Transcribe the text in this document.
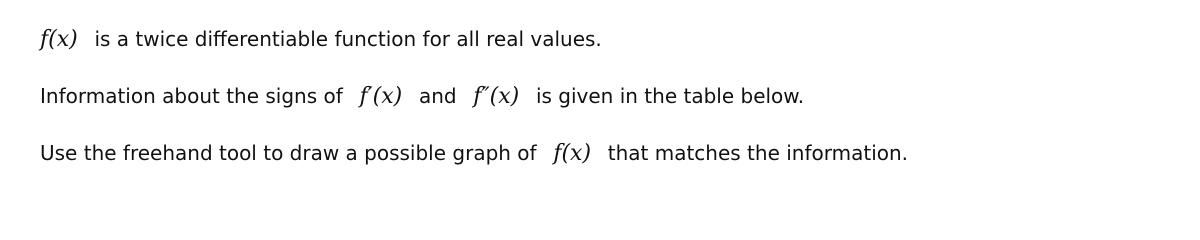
f(x) is a twice differentiable function for all real values.
Information about the signs of f′(x) and f″(x) is given in the table below.
Use the freehand tool to draw a possible graph of f(x) that matches the information.
